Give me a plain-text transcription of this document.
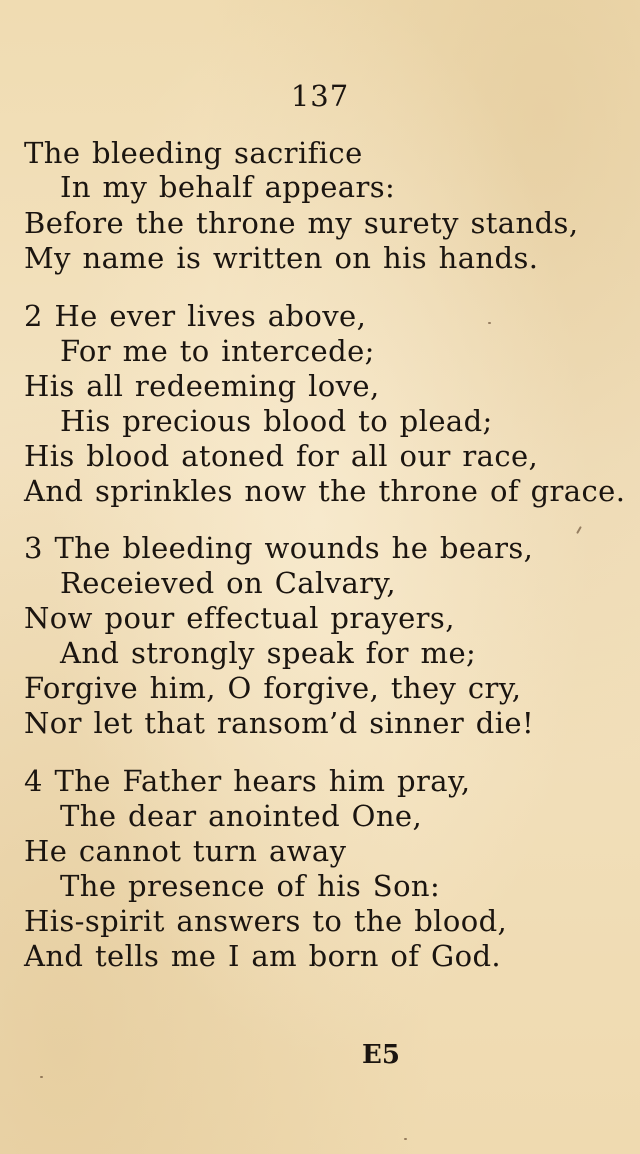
137
The bleeding sacrifice
In my behalf appears:
Before the throne my surety stands,
My name is written on his hands.
2 He ever lives above,
For me to intercede;
His all redeeming love,
His precious blood to plead;
His blood atoned for all our race,
And sprinkles now the throne of grace.
3 The bleeding wounds he bears,
Receieved on Calvary,
Now pour effectual prayers,
And strongly speak for me;
Forgive him, O forgive, they cry,
Nor let that ransom’d sinner die!
4 The Father hears him pray,
The dear anointed One,
He cannot turn away
The presence of his Son:
His-spirit answers to the blood,
And tells me I am born of God.
E5
